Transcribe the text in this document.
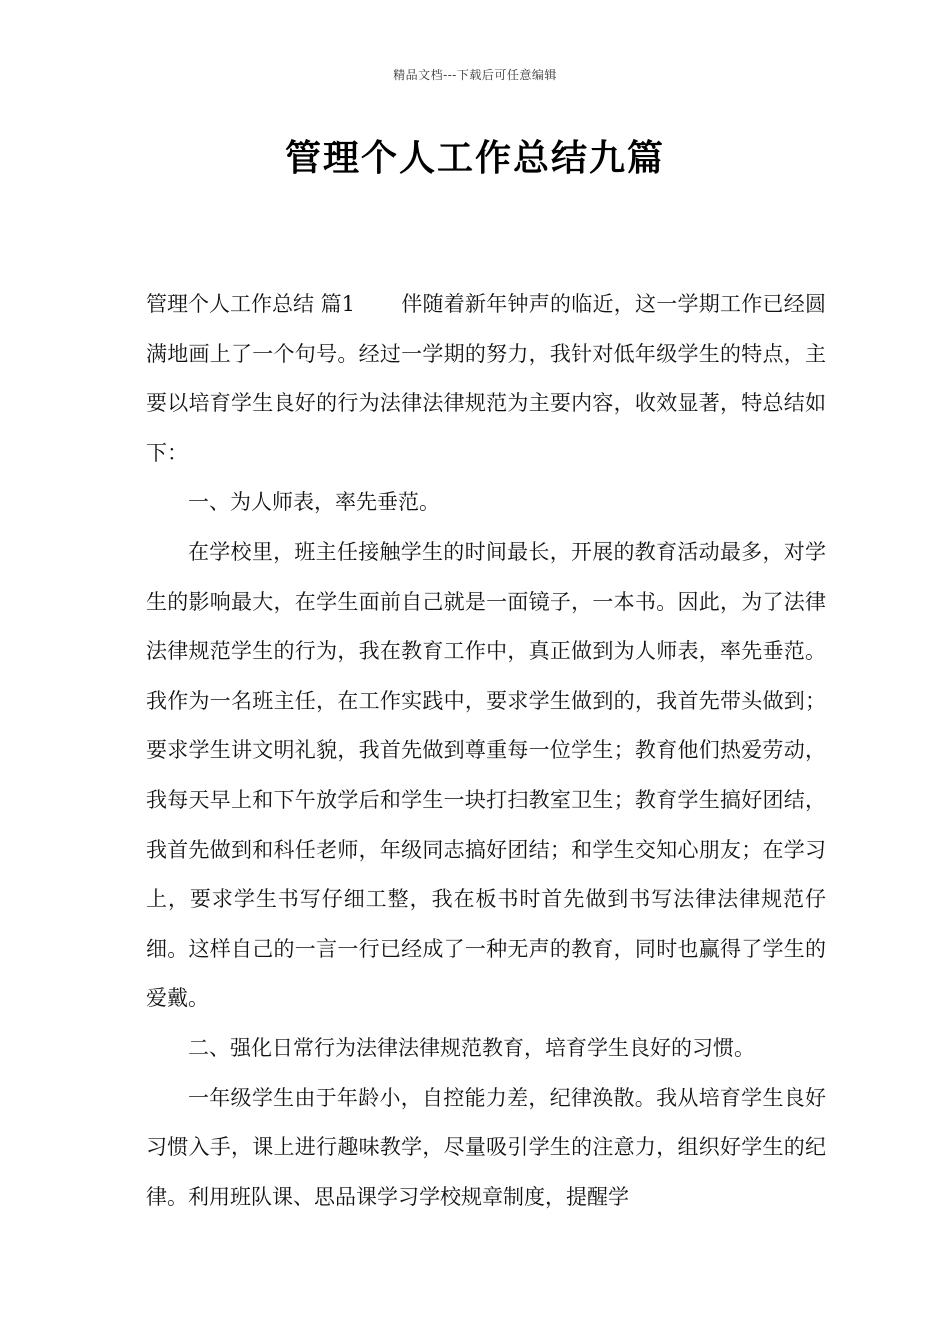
精品文档---下载后可任意编辑
管理个人工作总结九篇

管理个人工作总结 篇1 伴随着新年钟声的临近，这一学期工作已经圆满地画上了一个句号。经过一学期的努力，我针对低年级学生的特点，主要以培育学生良好的行为法律法律规范为主要内容，收效显著，特总结如下：

一、为人师表，率先垂范。

在学校里，班主任接触学生的时间最长，开展的教育活动最多，对学生的影响最大，在学生面前自己就是一面镜子，一本书。因此，为了法律法律规范学生的行为，我在教育工作中，真正做到为人师表，率先垂范。我作为一名班主任，在工作实践中，要求学生做到的，我首先带头做到；要求学生讲文明礼貌，我首先做到尊重每一位学生；教育他们热爱劳动，我每天早上和下午放学后和学生一块打扫教室卫生；教育学生搞好团结，我首先做到和科任老师，年级同志搞好团结；和学生交知心朋友；在学习上，要求学生书写仔细工整，我在板书时首先做到书写法律法律规范仔细。这样自己的一言一行已经成了一种无声的教育，同时也赢得了学生的爱戴。

二、强化日常行为法律法律规范教育，培育学生良好的习惯。

一年级学生由于年龄小，自控能力差，纪律涣散。我从培育学生良好习惯入手，课上进行趣味教学，尽量吸引学生的注意力，组织好学生的纪律。利用班队课、思品课学习学校规章制度，提醒学
